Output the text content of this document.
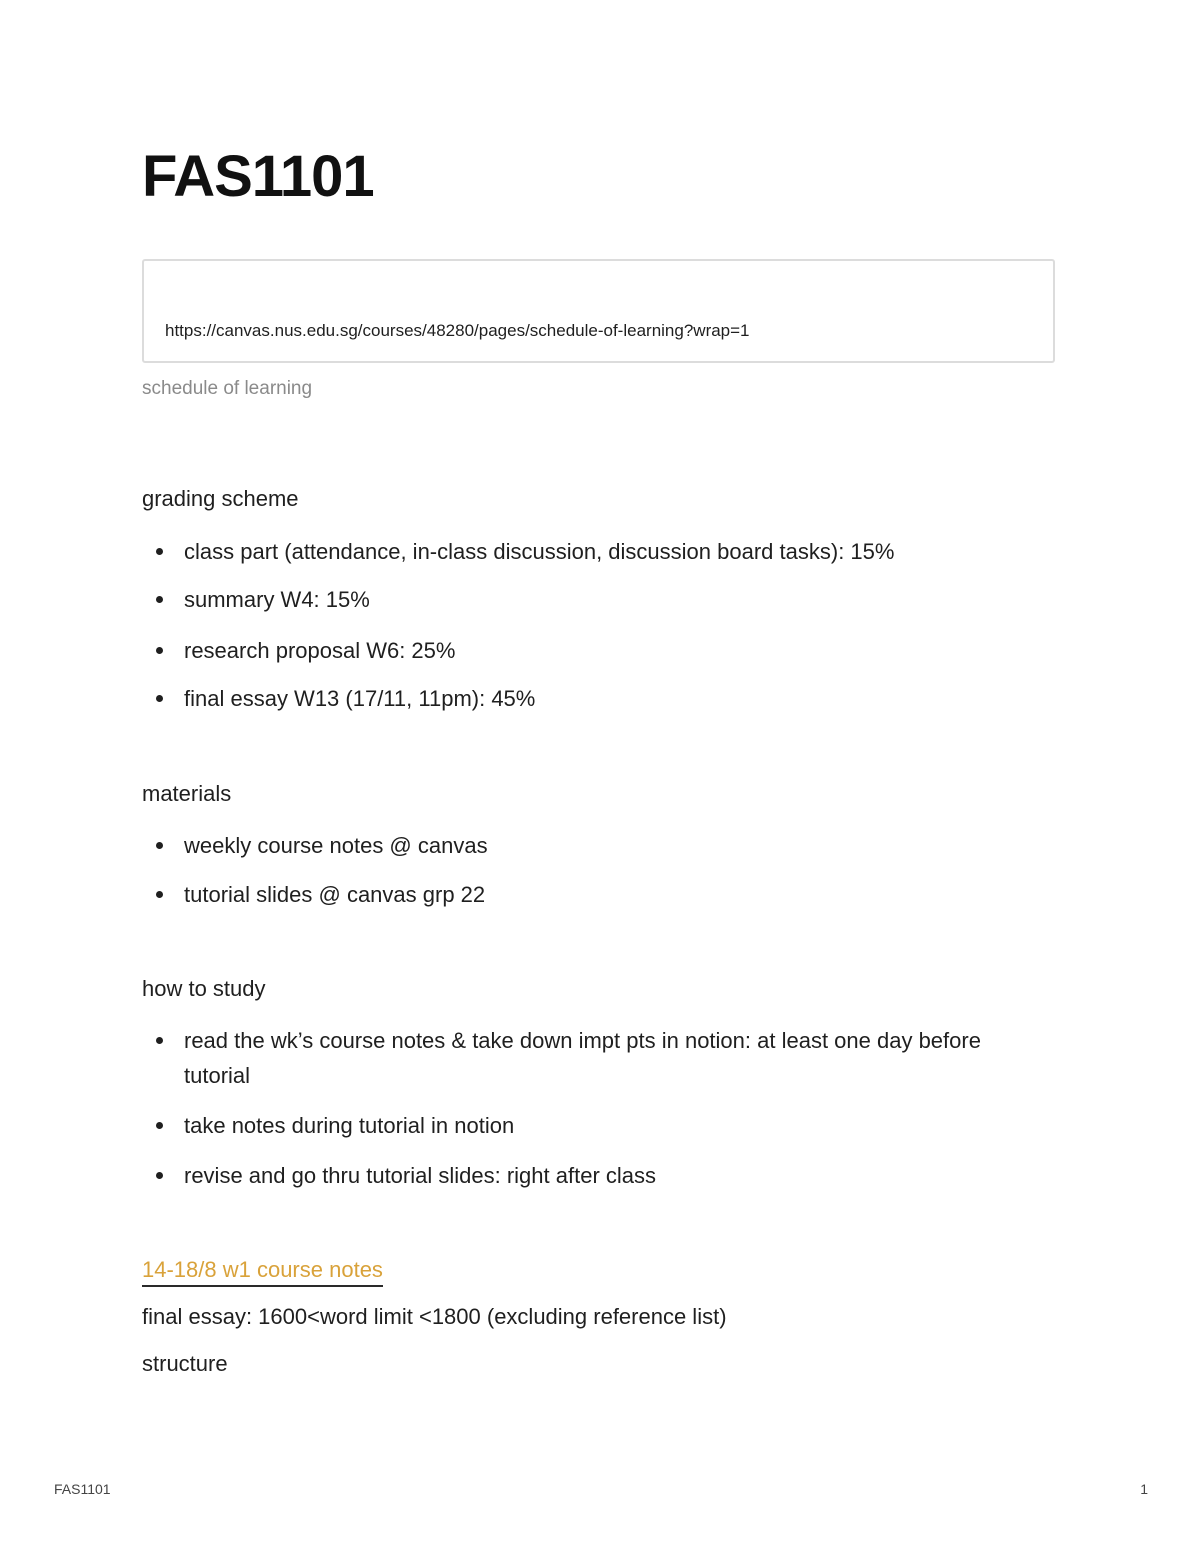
FAS1101
https://canvas.nus.edu.sg/courses/48280/pages/schedule-of-learning?wrap=1
schedule of learning
grading scheme
class part (attendance, in-class discussion, discussion board tasks): 15%
summary W4: 15%
research proposal W6: 25%
final essay W13 (17/11, 11pm): 45%
materials
weekly course notes @ canvas
tutorial slides @ canvas grp 22
how to study
read the wk’s course notes & take down impt pts in notion: at least one day before tutorial
take notes during tutorial in notion
revise and go thru tutorial slides: right after class
14-18/8 w1 course notes
final essay: 1600<word limit <1800 (excluding reference list)
structure
FAS1101	1
